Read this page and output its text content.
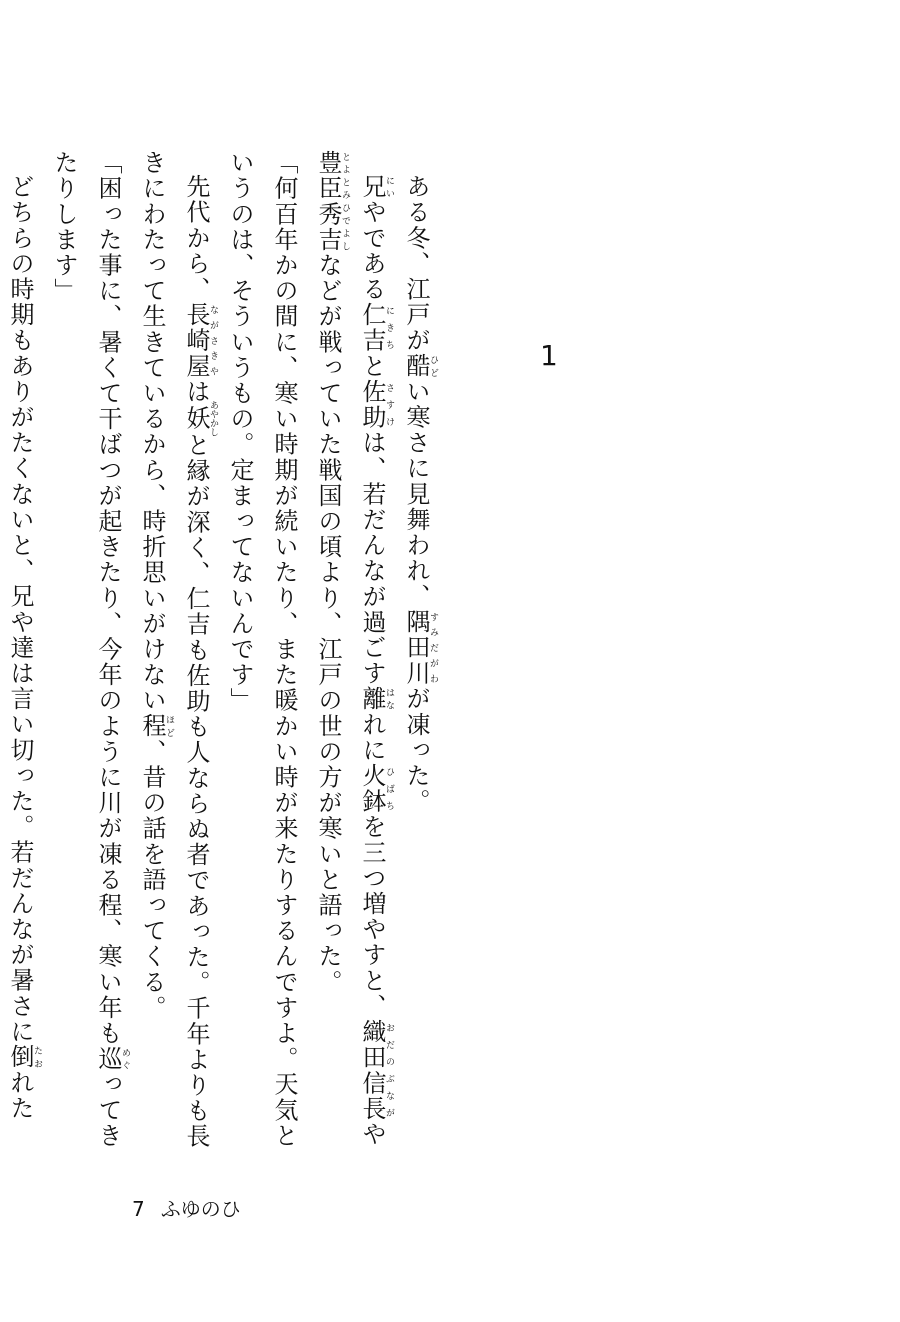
1

ある冬、江戸が酷ひどい寒さに見舞われ、隅田川すみだがわが凍った。

兄にいやである仁吉にきちと佐助さすけは、若だんなが過ごす離はなれに火鉢ひばちを三つ増やすと、織田信長おだのぶながや豊臣秀吉とよとみひでよしなどが戦っていた戦国の頃より、江戸の世の方が寒いと語った。

「何百年かの間に、寒い時期が続いたり、また暖かい時が来たりするんですよ。天気というのは、そういうもの。定まってないんです」

先代から、長崎屋ながさきやは妖あやかしと縁が深く、仁吉も佐助も人ならぬ者であった。千年よりも長きにわたって生きているから、時折思いがけない程ほど、昔の話を語ってくる。

「困った事に、暑くて干ばつが起きたり、今年のように川が凍る程、寒い年も巡めぐってきたりします」

どちらの時期もありがたくないと、兄や達は言い切った。若だんなが暑さに倒たおれた

7 ふゆのひ
